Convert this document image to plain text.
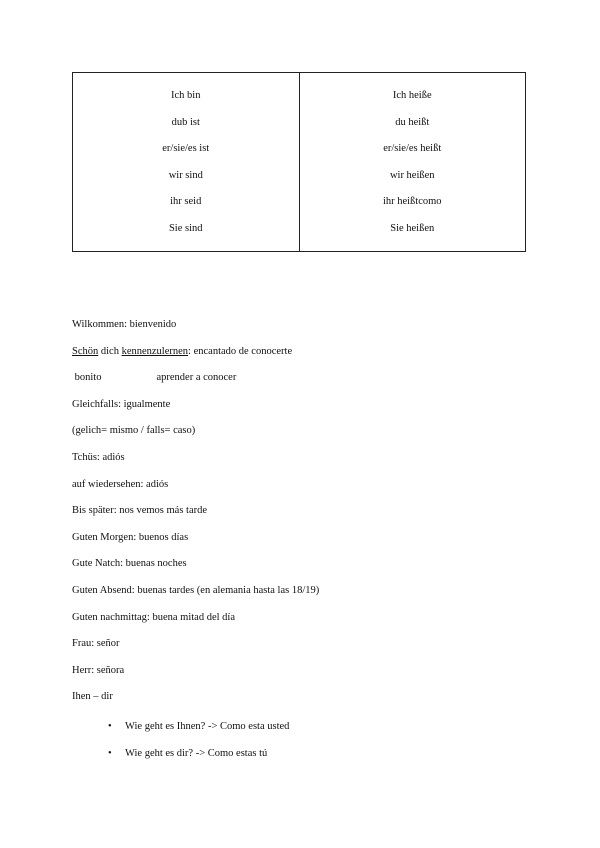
Ich bin
dub ist
er/sie/es ist
wir sind
ihr seid
Sie sind
Ich heiße
du heißt
er/sie/es heißt
wir heißen
ihr heißtcomo
Sie heißen
Wilkommen: bienvenido
Schön dich kennenzulernen: encantado de conocerte
bonito	aprender a conocer
Gleichfalls: igualmente
(gelich= mismo / falls= caso)
Tchüs: adiós
auf wiedersehen: adiós
Bis später: nos vemos más tarde
Guten Morgen: buenos días
Gute Natch: buenas noches
Guten Absend: buenas tardes (en alemania hasta las 18/19)
Guten nachmittag: buena mitad del día
Frau: señor
Herr: señora
Ihen – dir
• Wie geht es Ihnen? -> Como esta usted
• Wie geht es dir? -> Como estas tú
